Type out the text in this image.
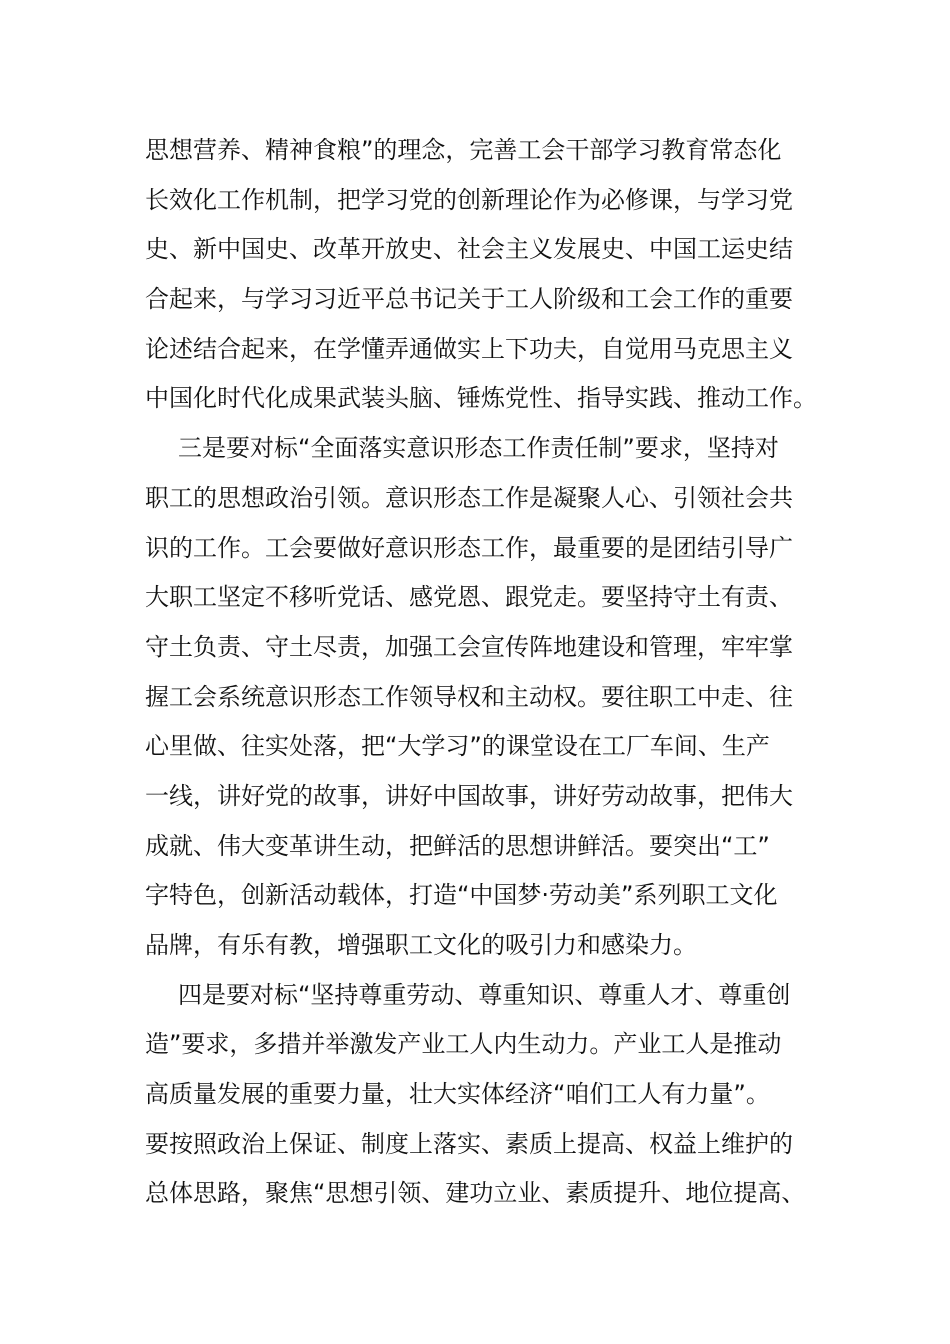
思想营养、精神食粮”的理念，完善工会干部学习教育常态化
长效化工作机制，把学习党的创新理论作为必修课，与学习党
史、新中国史、改革开放史、社会主义发展史、中国工运史结
合起来，与学习习近平总书记关于工人阶级和工会工作的重要
论述结合起来，在学懂弄通做实上下功夫，自觉用马克思主义
中国化时代化成果武装头脑、锤炼党性、指导实践、推动工作。
三是要对标“全面落实意识形态工作责任制”要求，坚持对
职工的思想政治引领。意识形态工作是凝聚人心、引领社会共
识的工作。工会要做好意识形态工作，最重要的是团结引导广
大职工坚定不移听党话、感党恩、跟党走。要坚持守土有责、
守土负责、守土尽责，加强工会宣传阵地建设和管理，牢牢掌
握工会系统意识形态工作领导权和主动权。要往职工中走、往
心里做、往实处落，把“大学习”的课堂设在工厂车间、生产
一线，讲好党的故事，讲好中国故事，讲好劳动故事，把伟大
成就、伟大变革讲生动，把鲜活的思想讲鲜活。要突出“工”
字特色，创新活动载体，打造“中国梦·劳动美”系列职工文化
品牌，有乐有教，增强职工文化的吸引力和感染力。
四是要对标“坚持尊重劳动、尊重知识、尊重人才、尊重创
造”要求，多措并举激发产业工人内生动力。产业工人是推动
高质量发展的重要力量，壮大实体经济“咱们工人有力量”。
要按照政治上保证、制度上落实、素质上提高、权益上维护的
总体思路，聚焦“思想引领、建功立业、素质提升、地位提高、
